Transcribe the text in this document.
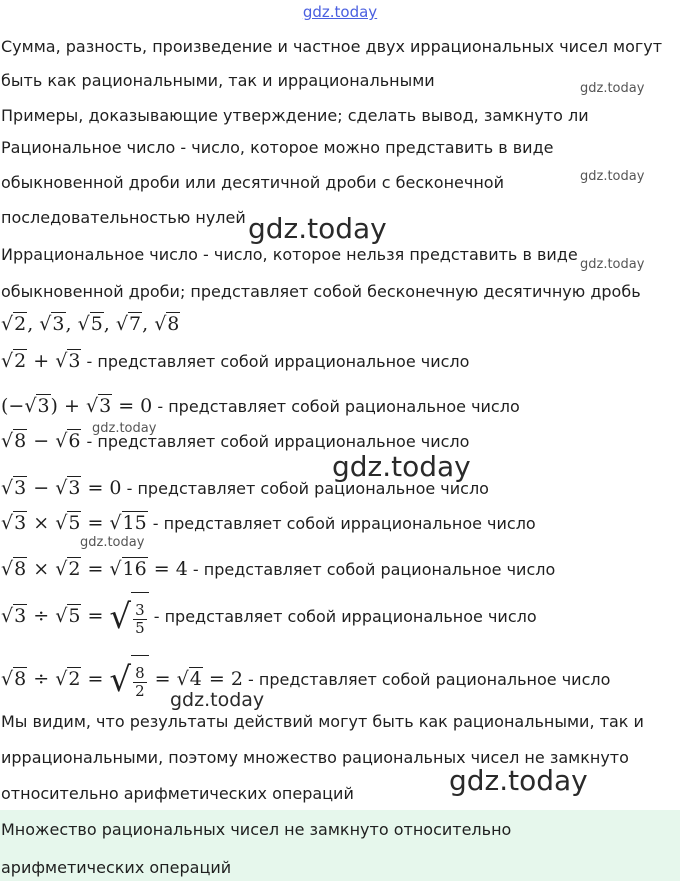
gdz.today
Сумма, разность, произведение и частное двух иррациональных чисел могут
быть как рациональными, так и иррациональными
Примеры, доказывающие утверждение; сделать вывод, замкнуто ли
Рациональное число - число, которое можно представить в виде
обыкновенной дроби или десятичной дроби с бесконечной
последовательностью нулей
Иррациональное число - число, которое нельзя представить в виде
обыкновенной дроби; представляет собой бесконечную десятичную дробь
√2, √3, √5, √7, √8
√2 + √3 - представляет собой иррациональное число
(−√3) + √3 = 0 - представляет собой рациональное число
√8 − √6 - представляет собой иррациональное число
√3 − √3 = 0 - представляет собой рациональное число
√3 × √5 = √15 - представляет собой иррациональное число
√8 × √2 = √16 = 4 - представляет собой рациональное число
√3 ÷ √5 = √ $\frac{3}{5}$ - представляет собой иррациональное число
√8 ÷ √2 = √ $\frac{8}{2} = √4 = 2$ - представляет собой рациональное число
Мы видим, что результаты действий могут быть как рациональными, так и
иррациональными, поэтому множество рациональных чисел не замкнуто
относительно арифметических операций
Множество рациональных чисел не замкнуто относительно
арифметических операций
gdz.today
gdz.today
gdz.today
gdz.today
gdz.today
gdz.today
gdz.today
gdz.today
gdz.today
